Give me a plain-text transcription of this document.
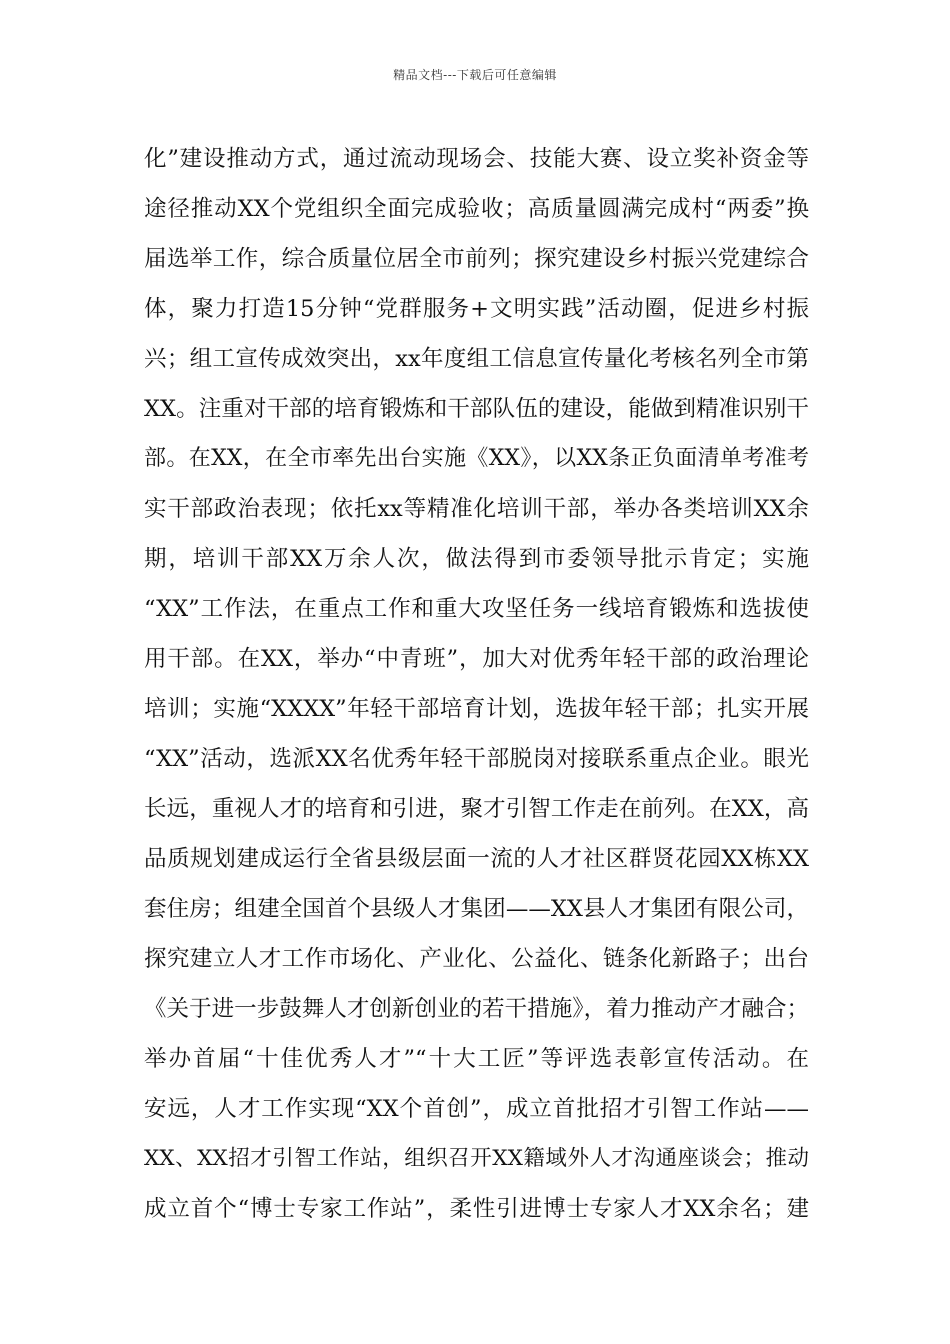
精品文档---下载后可任意编辑
化”建设推动方式，通过流动现场会、技能大赛、设立奖补资金等
途径推动XX个党组织全面完成验收；高质量圆满完成村“两委”换
届选举工作，综合质量位居全市前列；探究建设乡村振兴党建综合
体，聚力打造15分钟“党群服务+文明实践”活动圈，促进乡村振
兴；组工宣传成效突出，xx年度组工信息宣传量化考核名列全市第
XX。注重对干部的培育锻炼和干部队伍的建设，能做到精准识别干
部。在XX，在全市率先出台实施《XX》，以XX条正负面清单考准考
实干部政治表现；依托xx等精准化培训干部，举办各类培训XX余
期，培训干部XX万余人次，做法得到市委领导批示肯定；实施
“XX”工作法，在重点工作和重大攻坚任务一线培育锻炼和选拔使
用干部。在XX，举办“中青班”，加大对优秀年轻干部的政治理论
培训；实施“XXXX”年轻干部培育计划，选拔年轻干部；扎实开展
“XX”活动，选派XX名优秀年轻干部脱岗对接联系重点企业。眼光
长远，重视人才的培育和引进，聚才引智工作走在前列。在XX，高
品质规划建成运行全省县级层面一流的人才社区群贤花园XX栋XX
套住房；组建全国首个县级人才集团——XX县人才集团有限公司，
探究建立人才工作市场化、产业化、公益化、链条化新路子；出台
《关于进一步鼓舞人才创新创业的若干措施》，着力推动产才融合；
举办首届“十佳优秀人才”“十大工匠”等评选表彰宣传活动。在
安远，人才工作实现“XX个首创”，成立首批招才引智工作站——
XX、XX招才引智工作站，组织召开XX籍域外人才沟通座谈会；推动
成立首个“博士专家工作站”，柔性引进博士专家人才XX余名；建
